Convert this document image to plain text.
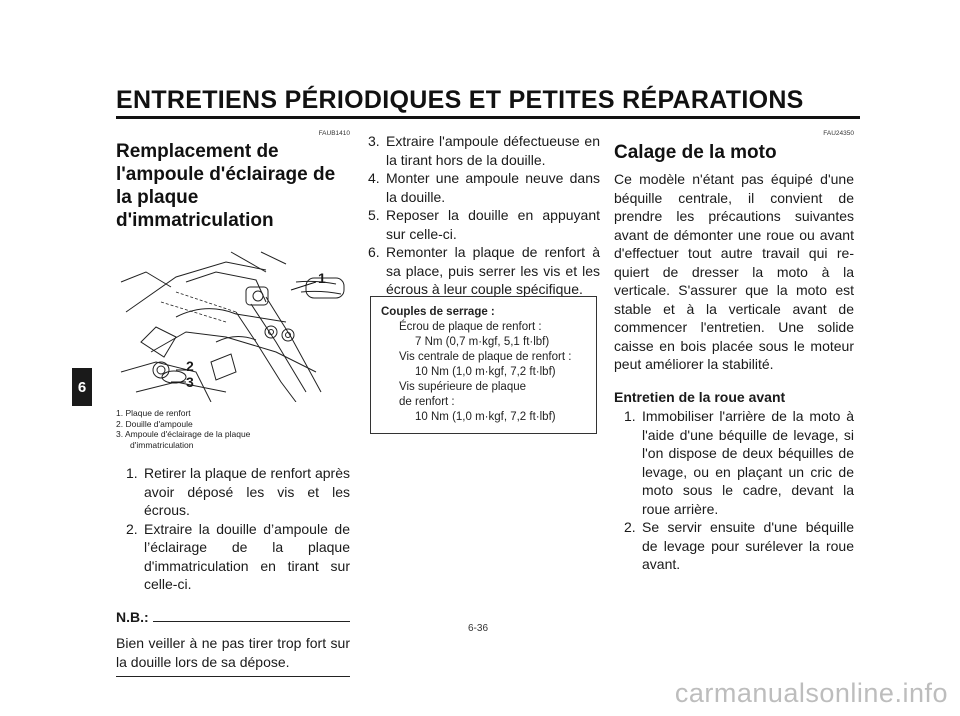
ENTRETIENS PÉRIODIQUES ET PETITES RÉPARATIONS
6
FAUB1410
Remplacement de l'ampoule d'éclairage de la plaque d'immatriculation
1
2
3
1. Plaque de renfort
2. Douille d'ampoule
3. Ampoule d'éclairage de la plaque
d'immatriculation
1. Retirer la plaque de renfort après avoir déposé les vis et les écrous.
2. Extraire la douille d’ampoule de l’éclairage de la plaque d'immatriculation en tirant sur celle-ci.
N.B.:
Bien veiller à ne pas tirer trop fort sur la douille lors de sa dépose.
3. Extraire l'ampoule défectueuse en la tirant hors de la douille.
4. Monter une ampoule neuve dans la douille.
5. Reposer la douille en appuyant sur celle-ci.
6. Remonter la plaque de renfort à sa place, puis serrer les vis et les écrous à leur couple spécifique.
Couples de serrage :
Écrou de plaque de renfort :
7 Nm (0,7 m·kgf, 5,1 ft·lbf)
Vis centrale de plaque de renfort :
10 Nm (1,0 m·kgf, 7,2 ft·lbf)
Vis supérieure de plaque
de renfort :
10 Nm (1,0 m·kgf, 7,2 ft·lbf)
FAU24350
Calage de la moto
Ce modèle n'étant pas équipé d'une béquille centrale, il convient de prendre les précautions suivantes avant de démonter une roue ou avant d'effectuer tout autre travail qui requiert de dresser la moto à la verticale. S'assurer que la moto est stable et à la verticale avant de commencer l'entretien. Une solide caisse en bois placée sous le moteur peut améliorer la stabilité.
Entretien de la roue avant
1. Immobiliser l'arrière de la moto à l'aide d'une béquille de levage, si l'on dispose de deux béquilles de levage, ou en plaçant un cric de moto sous le cadre, devant la roue arrière.
2. Se servir ensuite d'une béquille de levage pour surélever la roue avant.
6-36
carmanualsonline.info
